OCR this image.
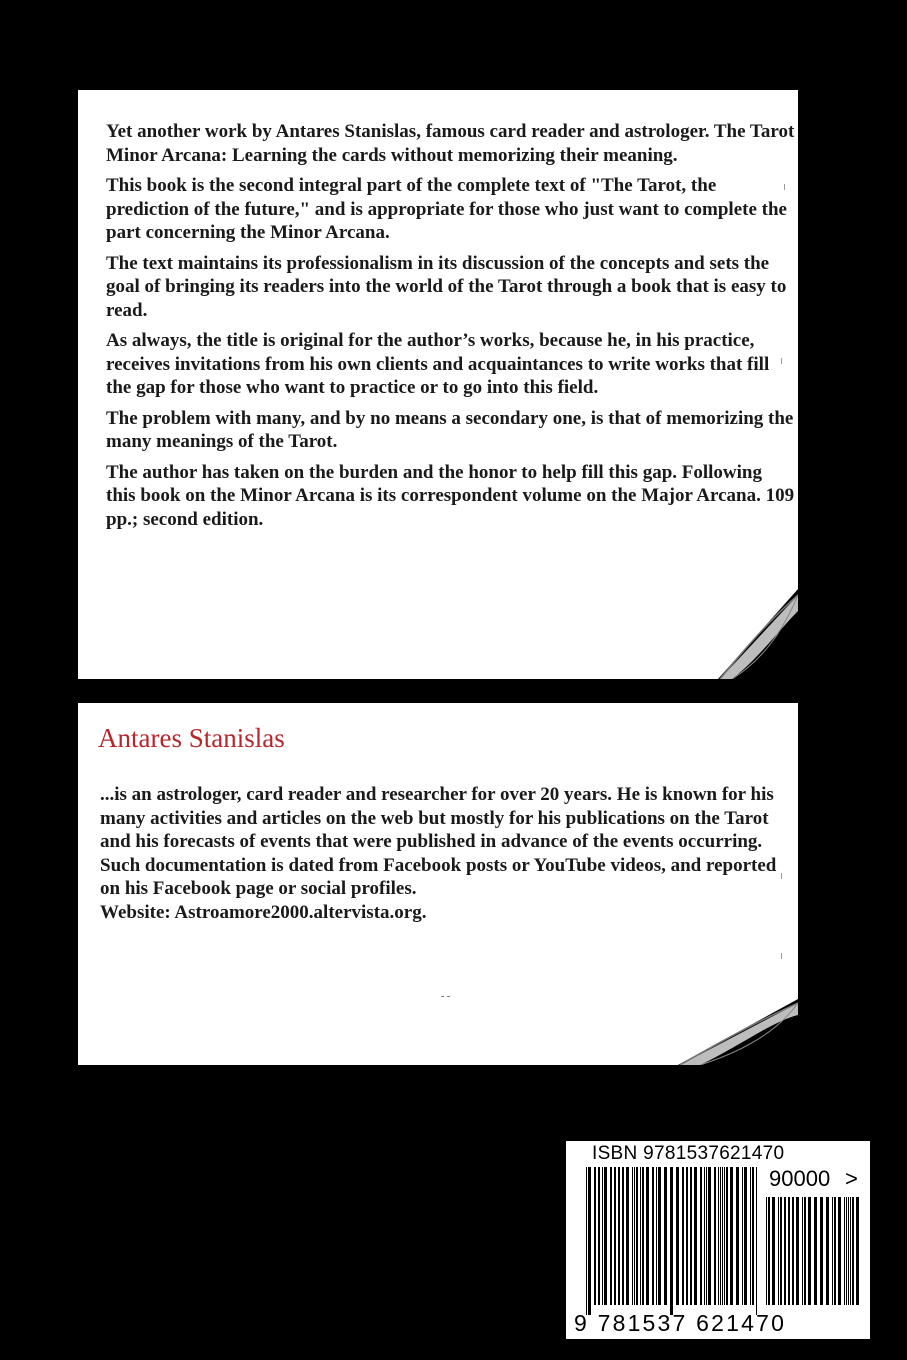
Yet another work by Antares Stanislas, famous card reader and astrologer. The Tarot Minor Arcana: Learning the cards without memorizing their meaning.

This book is the second integral part of the complete text of "The Tarot, the prediction of the future," and is appropriate for those who just want to complete the part concerning the Minor Arcana.

The text maintains its professionalism in its discussion of the concepts and sets the goal of bringing its readers into the world of the Tarot through a book that is easy to read.

As always, the title is original for the author’s works, because he, in his practice, receives invitations from his own clients and acquaintances to write works that fill the gap for those who want to practice or to go into this field.

The problem with many, and by no means a secondary one, is that of memorizing the many meanings of the Tarot.

The author has taken on the burden and the honor to help fill this gap. Following this book on the Minor Arcana is its correspondent volume on the Major Arcana. 109 pp.; second edition.

Antares Stanislas

...is an astrologer, card reader and researcher for over 20 years. He is known for his many activities and articles on the web but mostly for his publications on the Tarot and his forecasts of events that were published in advance of the events occurring. Such documentation is dated from Facebook posts or YouTube videos, and reported on his Facebook page or social profiles.

Website: Astroamore2000.altervista.org.

- -

ISBN 9781537621470

90000 >

9 781537 621470
